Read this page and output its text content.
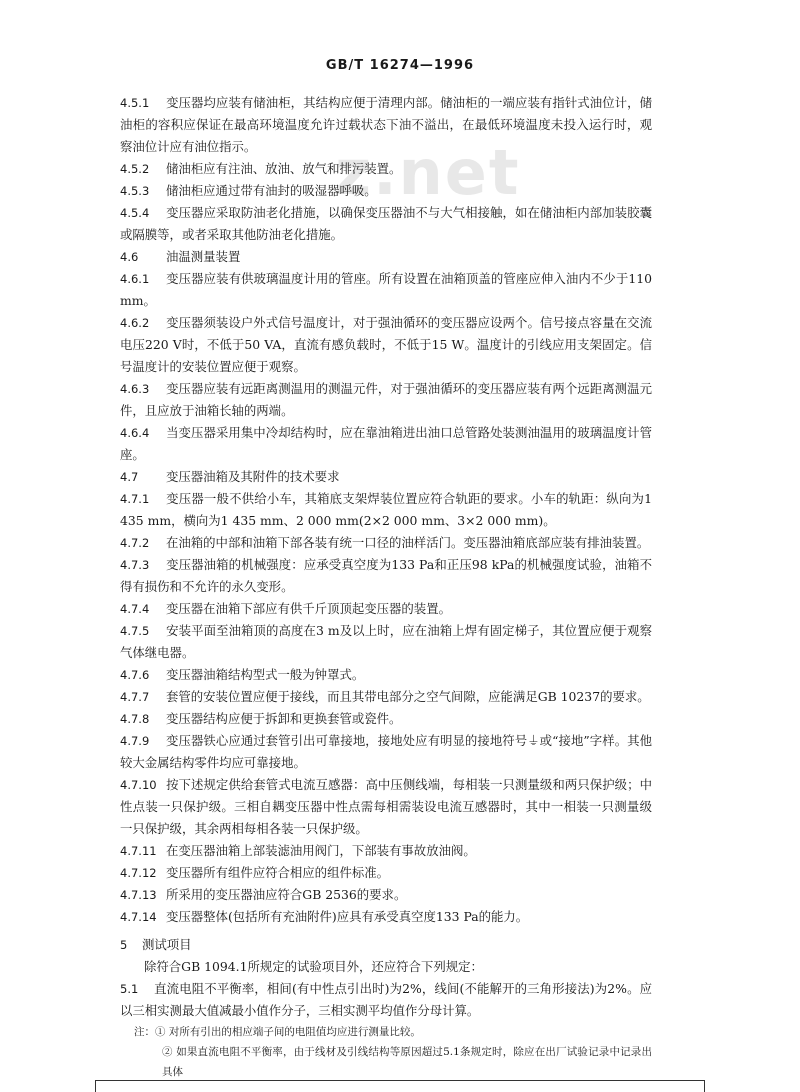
GB/T 16274—1996
z.net

4.5.1 变压器均应装有储油柜，其结构应便于清理内部。储油柜的一端应装有指针式油位计，储油柜的容积应保证在最高环境温度允许过载状态下油不溢出，在最低环境温度未投入运行时，观察油位计应有油位指示。

4.5.2 储油柜应有注油、放油、放气和排污装置。

4.5.3 储油柜应通过带有油封的吸湿器呼吸。

4.5.4 变压器应采取防油老化措施，以确保变压器油不与大气相接触，如在储油柜内部加装胶囊或隔膜等，或者采取其他防油老化措施。

4.6 油温测量装置

4.6.1 变压器应装有供玻璃温度计用的管座。所有设置在油箱顶盖的管座应伸入油内不少于110 mm。

4.6.2 变压器须装设户外式信号温度计，对于强油循环的变压器应设两个。信号接点容量在交流电压220 V时，不低于50 VA，直流有感负载时，不低于15 W。温度计的引线应用支架固定。信号温度计的安装位置应便于观察。

4.6.3 变压器应装有远距离测温用的测温元件，对于强油循环的变压器应装有两个远距离测温元件，且应放于油箱长轴的两端。

4.6.4 当变压器采用集中冷却结构时，应在靠油箱进出油口总管路处装测油温用的玻璃温度计管座。

4.7 变压器油箱及其附件的技术要求

4.7.1 变压器一般不供给小车，其箱底支架焊装位置应符合轨距的要求。小车的轨距：纵向为1 435 mm，横向为1 435 mm、2 000 mm(2×2 000 mm、3×2 000 mm)。

4.7.2 在油箱的中部和油箱下部各装有统一口径的油样活门。变压器油箱底部应装有排油装置。

4.7.3 变压器油箱的机械强度：应承受真空度为133 Pa和正压98 kPa的机械强度试验，油箱不得有损伤和不允许的永久变形。

4.7.4 变压器在油箱下部应有供千斤顶顶起变压器的装置。

4.7.5 安装平面至油箱顶的高度在3 m及以上时，应在油箱上焊有固定梯子，其位置应便于观察气体继电器。

4.7.6 变压器油箱结构型式一般为钟罩式。

4.7.7 套管的安装位置应便于接线，而且其带电部分之空气间隙，应能满足GB 10237的要求。

4.7.8 变压器结构应便于拆卸和更换套管或瓷件。

4.7.9 变压器铁心应通过套管引出可靠接地，接地处应有明显的接地符号⏚或“接地”字样。其他较大金属结构零件均应可靠接地。

4.7.10 按下述规定供给套管式电流互感器：高中压侧线端，每相装一只测量级和两只保护级；中性点装一只保护级。三相自耦变压器中性点需每相需装设电流互感器时，其中一相装一只测量级一只保护级，其余两相每相各装一只保护级。

4.7.11 在变压器油箱上部装滤油用阀门，下部装有事故放油阀。

4.7.12 变压器所有组件应符合相应的组件标准。

4.7.13 所采用的变压器油应符合GB 2536的要求。

4.7.14 变压器整体(包括所有充油附件)应具有承受真空度133 Pa的能力。

5 测试项目

除符合GB 1094.1所规定的试验项目外，还应符合下列规定：

5.1 直流电阻不平衡率，相间(有中性点引出时)为2%，线间(不能解开的三角形接法)为2%。应以三相实测最大值减最小值作分子，三相实测平均值作分母计算。

注：① 对所有引出的相应端子间的电阻值均应进行测量比较。

② 如果直流电阻不平衡率，由于线材及引线结构等原因超过5.1条规定时，除应在出厂试验记录中记录出具体
